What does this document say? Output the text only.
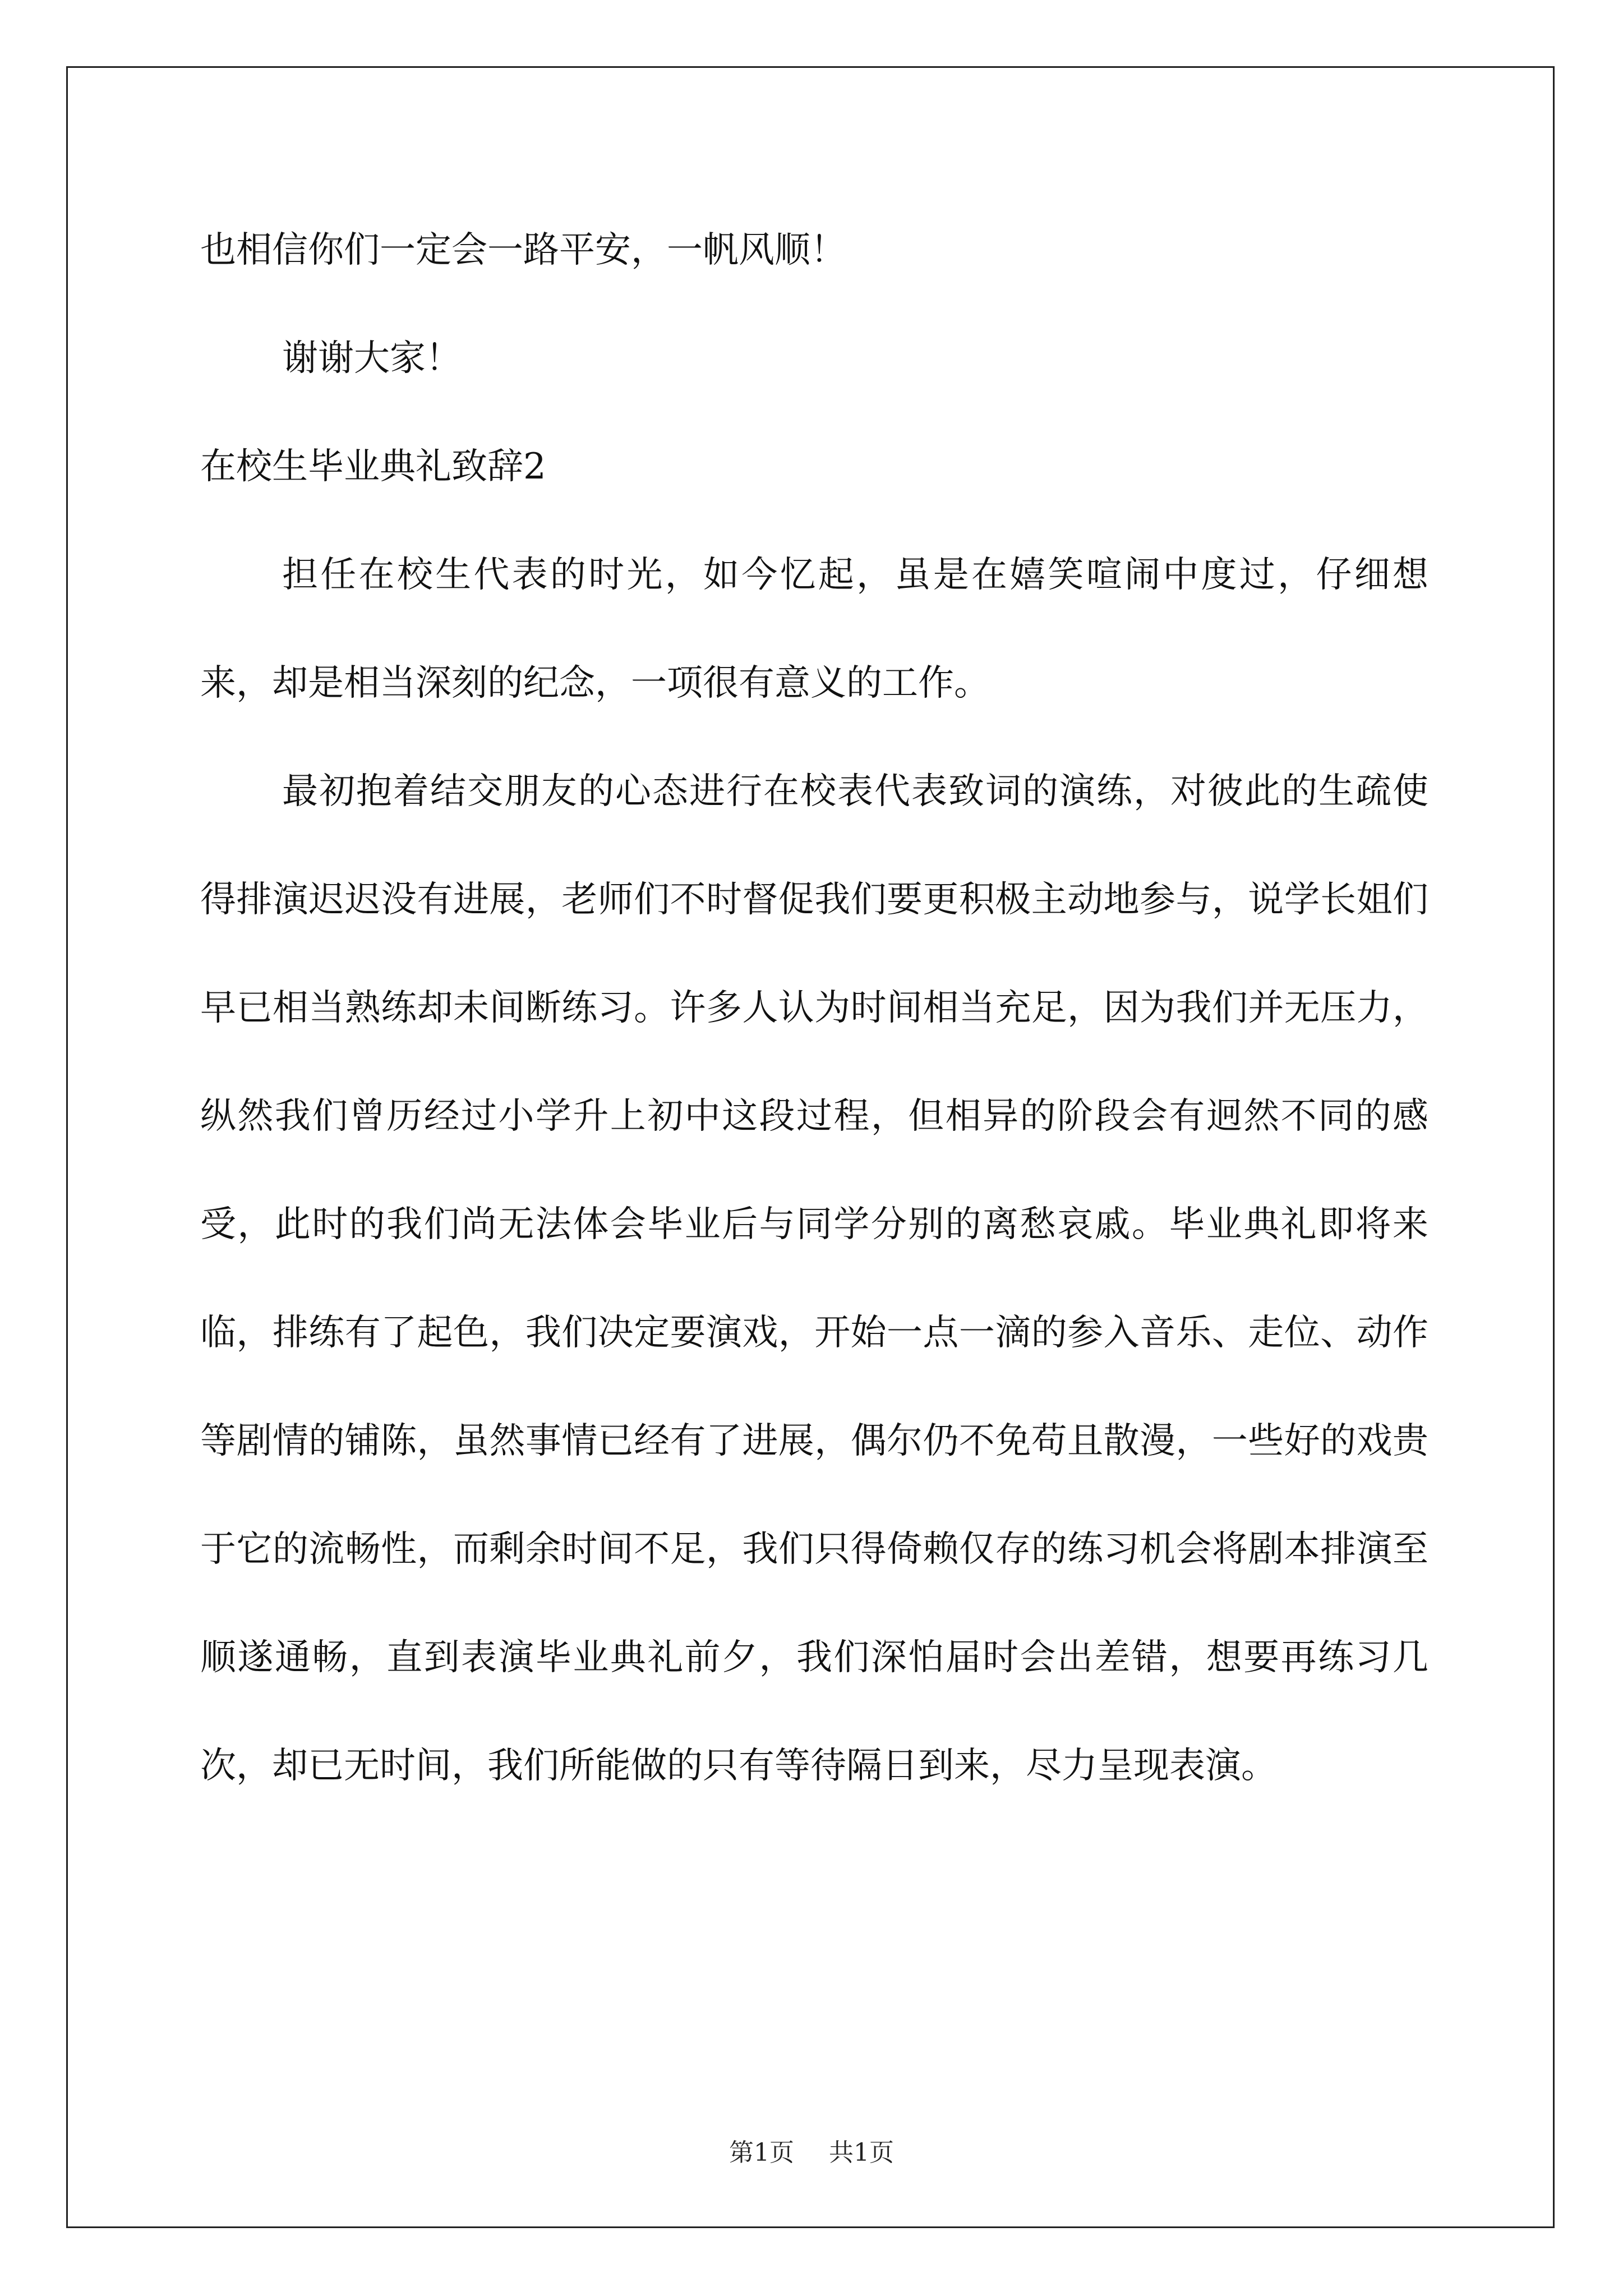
也相信你们一定会一路平安，一帆风顺！

谢谢大家！

在校生毕业典礼致辞2

担任在校生代表的时光，如今忆起，虽是在嬉笑喧闹中度过，仔细想来，却是相当深刻的纪念，一项很有意义的工作。

最初抱着结交朋友的心态进行在校表代表致词的演练，对彼此的生疏使得排演迟迟没有进展，老师们不时督促我们要更积极主动地参与，说学长姐们早已相当熟练却未间断练习。许多人认为时间相当充足，因为我们并无压力，纵然我们曾历经过小学升上初中这段过程，但相异的阶段会有迥然不同的感受，此时的我们尚无法体会毕业后与同学分别的离愁哀戚。毕业典礼即将来临，排练有了起色，我们决定要演戏，开始一点一滴的参入音乐、走位、动作等剧情的铺陈，虽然事情已经有了进展，偶尔仍不免苟且散漫，一些好的戏贵于它的流畅性，而剩余时间不足，我们只得倚赖仅存的练习机会将剧本排演至顺遂通畅，直到表演毕业典礼前夕，我们深怕届时会出差错，想要再练习几次，却已无时间，我们所能做的只有等待隔日到来，尽力呈现表演。

第1页 共1页
